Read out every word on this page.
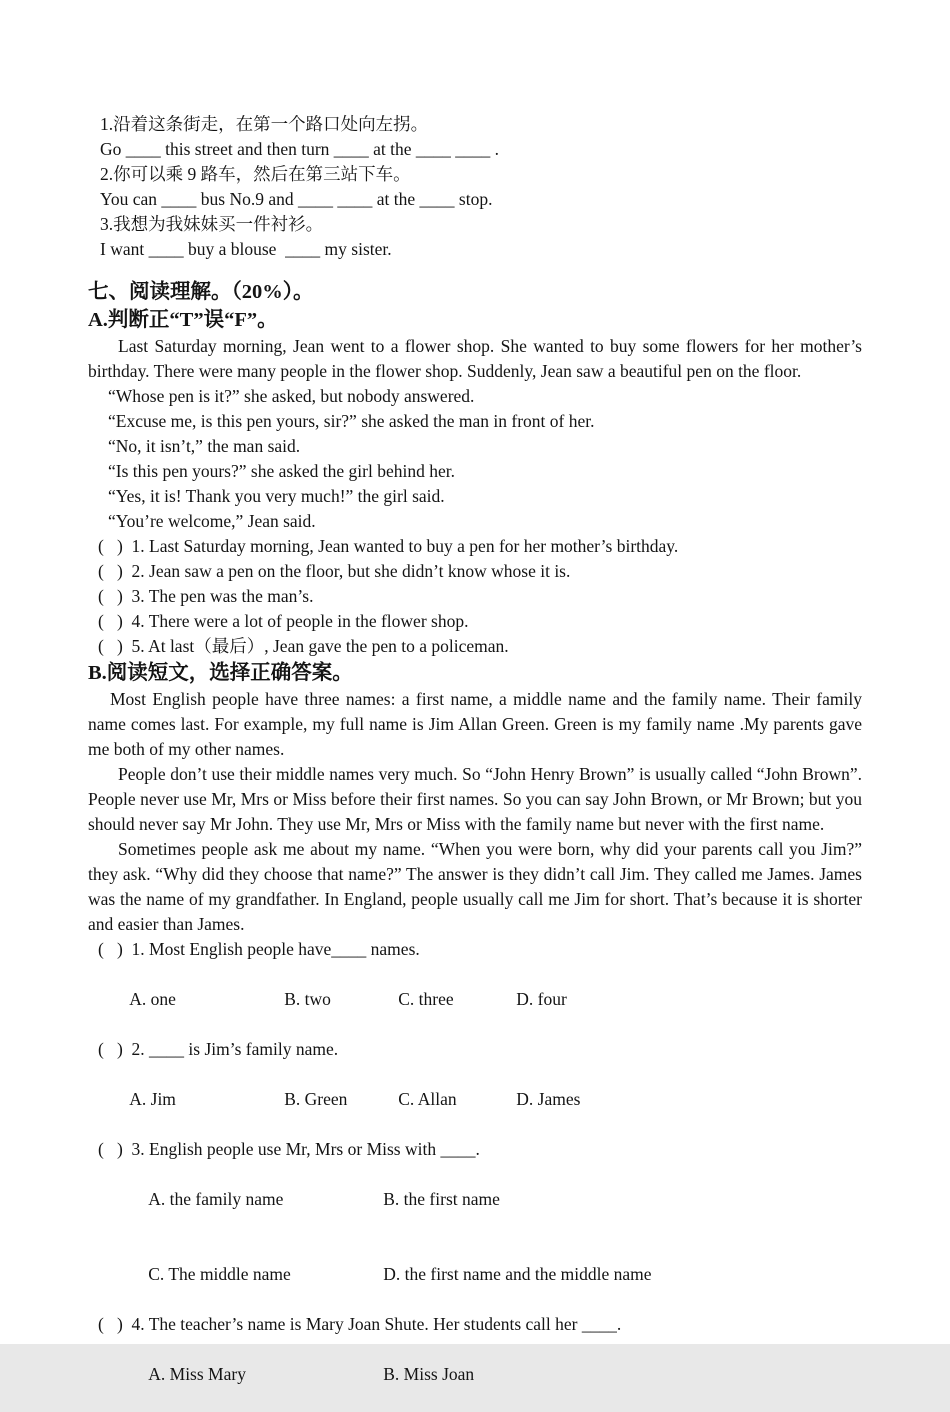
1.沿着这条街走，在第一个路口处向左拐。

Go ____ this street and then turn ____ at the ____ ____ .

2.你可以乘 9 路车，然后在第三站下车。

You can ____ bus No.9 and ____ ____ at the ____ stop.

3.我想为我妹妹买一件衬衫。

I want ____ buy a blouse  ____ my sister.

七、阅读理解。（20%）。
A.判断正“T”误“F”。

Last Saturday morning, Jean went to a flower shop. She wanted to buy some flowers for her mother’s birthday. There were many people in the flower shop. Suddenly, Jean saw a beautiful pen on the floor.

“Whose pen is it?” she asked, but nobody answered.

“Excuse me, is this pen yours, sir?” she asked the man in front of her.

“No, it isn’t,” the man said.

“Is this pen yours?” she asked the girl behind her.

“Yes, it is! Thank you very much!” the girl said.

“You’re welcome,” Jean said.

(   )  1. Last Saturday morning, Jean wanted to buy a pen for her mother’s birthday.

(   )  2. Jean saw a pen on the floor, but she didn’t know whose it is.

(   )  3. The pen was the man’s.

(   )  4. There were a lot of people in the flower shop.

(   )  5. At last（最后）, Jean gave the pen to a policeman.

B.阅读短文，选择正确答案。

Most English people have three names: a first name, a middle name and the family name. Their family name comes last. For example, my full name is Jim Allan Green. Green is my family name .My parents gave me both of my other names.

People don’t use their middle names very much. So “John Henry Brown” is usually called “John Brown”. People never use Mr, Mrs or Miss before their first names. So you can say John Brown, or Mr Brown; but you should never say Mr John. They use Mr, Mrs or Miss with the family name but never with the first name.

Sometimes people ask me about my name. “When you were born, why did your parents call you Jim?” they ask. “Why did they choose that name?” The answer is they didn’t call Jim. They called me James. James was the name of my grandfather. In England, people usually call me Jim for short. That’s because it is shorter and easier than James.

(   )  1. Most English people have____ names.

A. one	B. two	C. three	D. four

(   )  2. ____ is Jim’s family name.

A. Jim	B. Green	C. Allan	D. James

(   )  3. English people use Mr, Mrs or Miss with ____.

A. the family name	B. the first name

C. The middle name	D. the first name and the middle name

(   )  4. The teacher’s name is Mary Joan Shute. Her students call her ____.

A. Miss Mary	B. Miss Joan
